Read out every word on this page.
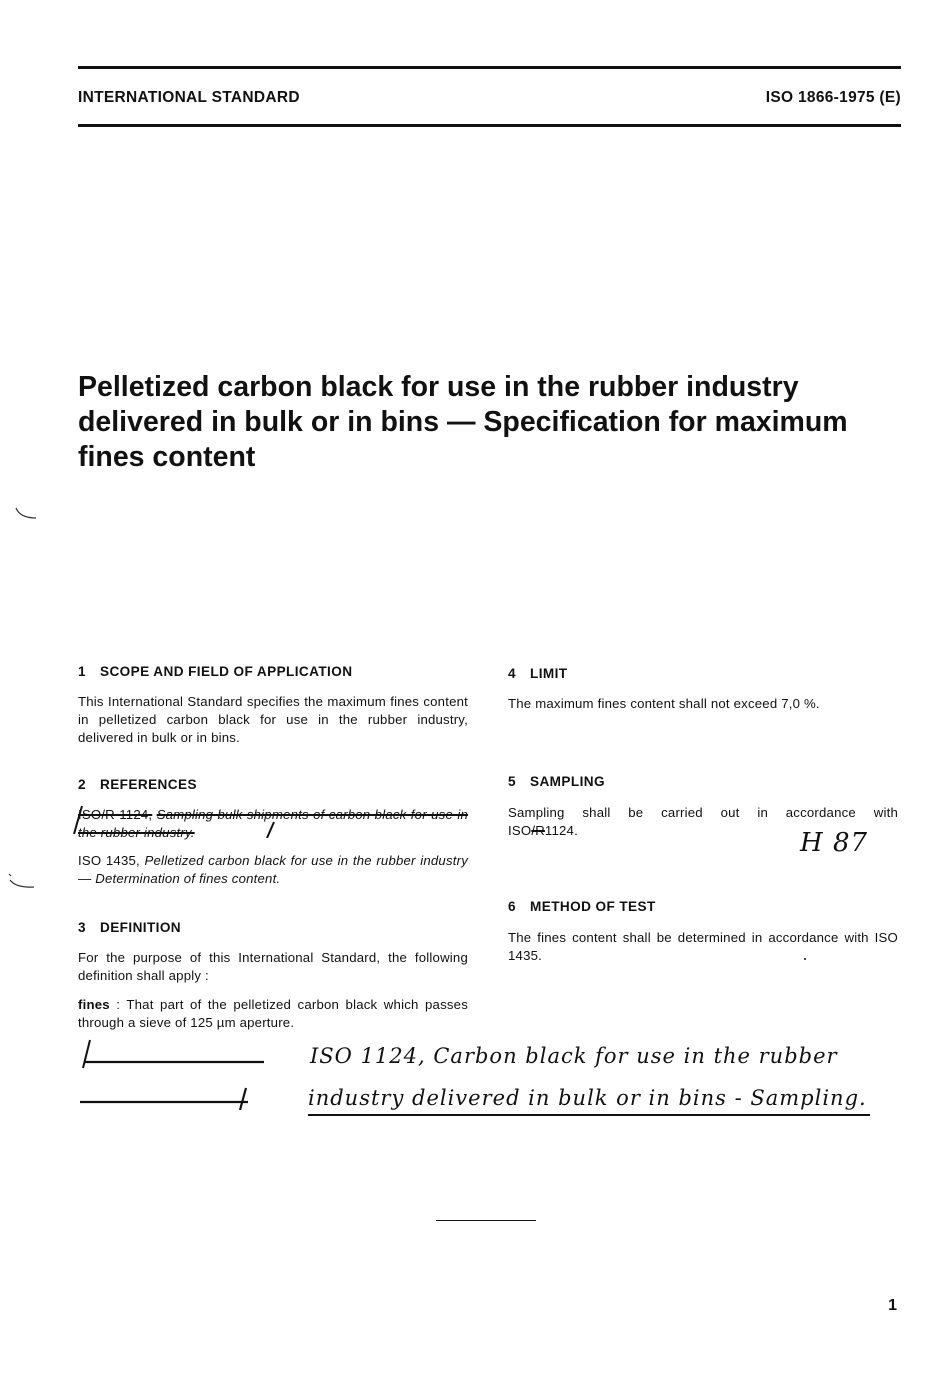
INTERNATIONAL STANDARD	ISO 1866-1975 (E)
Pelletized carbon black for use in the rubber industry delivered in bulk or in bins — Specification for maximum fines content
1 SCOPE AND FIELD OF APPLICATION

This International Standard specifies the maximum fines content in pelletized carbon black for use in the rubber industry, delivered in bulk or in bins.

2 REFERENCES

ISO/R 1124, Sampling bulk shipments of carbon black for use in the rubber industry.

ISO 1435, Pelletized carbon black for use in the rubber industry — Determination of fines content.

3 DEFINITION

For the purpose of this International Standard, the following definition shall apply :

fines : That part of the pelletized carbon black which passes through a sieve of 125 µm aperture.

4 LIMIT

The maximum fines content shall not exceed 7,0 %.

5 SAMPLING

Sampling shall be carried out in accordance with
ISO/R1124.	H 87
6 METHOD OF TEST

The fines content shall be determined in accordance with ISO 1435.

ISO 1124, Carbon black for use in the rubber
industry delivered in bulk or in bins - Sampling.
1
